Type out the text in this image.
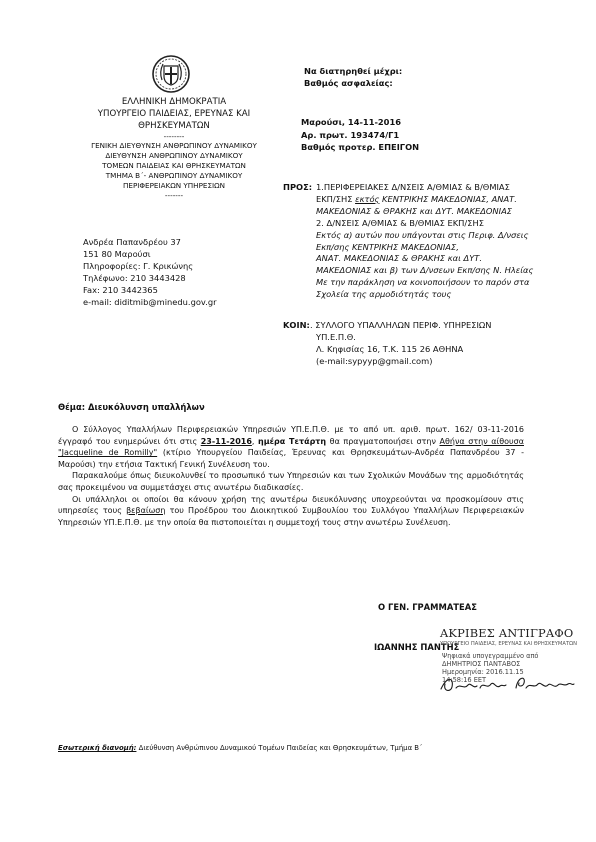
ΕΛΛΗΝΙΚΗ ΔΗΜΟΚΡΑΤΙΑ
ΥΠΟΥΡΓΕΙΟ ΠΑΙΔΕΙΑΣ, ΕΡΕΥΝΑΣ ΚΑΙ
ΘΡΗΣΚΕΥΜΑΤΩΝ
--------
ΓΕΝΙΚΗ ΔΙΕΥΘΥΝΣΗ ΑΝΘΡΩΠΙΝΟΥ ΔΥΝΑΜΙΚΟΥ
ΔΙΕΥΘΥΝΣΗ ΑΝΘΡΩΠΙΝΟΥ ΔΥΝΑΜΙΚΟΥ
ΤΟΜΕΩΝ ΠΑΙΔΕΙΑΣ ΚΑΙ ΘΡΗΣΚΕΥΜΑΤΩΝ
ΤΜΗΜΑ Β΄- ΑΝΘΡΩΠΙΝΟΥ ΔΥΝΑΜΙΚΟΥ
ΠΕΡΙΦΕΡΕΙΑΚΩΝ ΥΠΗΡΕΣΙΩΝ
-------
Ανδρέα Παπανδρέου 37
151 80 Μαρούσι
Πληροφορίες: Γ. Κρικώνης
Τηλέφωνο: 210 3443428
Fax: 210 3442365
e-mail: diditmib@minedu.gov.gr
Να διατηρηθεί μέχρι:
Βαθμός ασφαλείας:
Μαρούσι, 14-11-2016
Αρ. πρωτ. 193474/Γ1
Βαθμός προτερ. ΕΠΕΙΓΟΝ
ΠΡΟΣ: 1.ΠΕΡΙΦΕΡΕΙΑΚΕΣ Δ/ΝΣΕΙΣ Α/ΘΜΙΑΣ & Β/ΘΜΙΑΣ
ΕΚΠ/ΣΗΣ εκτός ΚΕΝΤΡΙΚΗΣ ΜΑΚΕΔΟΝΙΑΣ, ΑΝΑΤ.
ΜΑΚΕΔΟΝΙΑΣ & ΘΡΑΚΗΣ και ΔΥΤ. ΜΑΚΕΔΟΝΙΑΣ
2. Δ/ΝΣΕΙΣ Α/ΘΜΙΑΣ & Β/ΘΜΙΑΣ ΕΚΠ/ΣΗΣ
Εκτός α) αυτών που υπάγονται στις Περιφ. Δ/νσεις
Εκπ/σης ΚΕΝΤΡΙΚΗΣ ΜΑΚΕΔΟΝΙΑΣ,
ΑΝΑΤ. ΜΑΚΕΔΟΝΙΑΣ & ΘΡΑΚΗΣ και ΔΥΤ.
ΜΑΚΕΔΟΝΙΑΣ και β) των Δ/νσεων Εκπ/σης Ν. Ηλείας
Με την παράκληση να κοινοποιήσουν το παρόν στα
Σχολεία της αρμοδιότητάς τους
ΚΟΙΝ: . ΣΥΛΛΟΓΟ ΥΠΑΛΛΗΛΩΝ ΠΕΡΙΦ. ΥΠΗΡΕΣΙΩΝ
ΥΠ.Ε.Π.Θ.
Λ. Κηφισίας 16, Τ.Κ. 115 26 ΑΘΗΝΑ
(e-mail:sypyyp@gmail.com)
Θέμα: Διευκόλυνση υπαλλήλων
Ο Σύλλογος Υπαλλήλων Περιφερειακών Υπηρεσιών ΥΠ.Ε.Π.Θ. με το από υπ. αριθ. πρωτ. 162/ 03-11-2016 έγγραφό του ενημερώνει ότι στις 23-11-2016, ημέρα Τετάρτη θα πραγματοποιήσει στην Αθήνα στην αίθουσα "Jacqueline de Romilly" (κτίριο Υπουργείου Παιδείας, Έρευνας και Θρησκευμάτων-Ανδρέα Παπανδρέου 37 - Μαρούσι) την ετήσια Τακτική Γενική Συνέλευση του.
Παρακαλούμε όπως διευκολυνθεί το προσωπικό των Υπηρεσιών και των Σχολικών Μονάδων της αρμοδιότητάς σας προκειμένου να συμμετάσχει στις ανωτέρω διαδικασίες.
Οι υπάλληλοι οι οποίοι θα κάνουν χρήση της ανωτέρω διευκόλυνσης υποχρεούνται να προσκομίσουν στις υπηρεσίες τους βεβαίωση του Προέδρου του Διοικητικού Συμβουλίου του Συλλόγου Υπαλλήλων Περιφερειακών Υπηρεσιών ΥΠ.Ε.Π.Θ. με την οποία θα πιστοποιείται η συμμετοχή τους στην ανωτέρω Συνέλευση.
Ο ΓΕΝ. ΓΡΑΜΜΑΤΕΑΣ
ΙΩΑΝΝΗΣ ΠΑΝΤΗΣ
ΑΚΡΙΒΕΣ ΑΝΤΙΓΡΑΦΟ
ΥΠΟΥΡΓΕΙΟ ΠΑΙΔΕΙΑΣ, ΕΡΕΥΝΑΣ ΚΑΙ ΘΡΗΣΚΕΥΜΑΤΩΝ
Ψηφιακά υπογεγραμμένο από
ΔΗΜΗΤΡΙΟΣ ΠΑΝΤΑΒΟΣ
Ημερομηνία: 2016.11.15
14:58:16 EET
Εσωτερική διανομή: Διεύθυνση Ανθρώπινου Δυναμικού Τομέων Παιδείας και Θρησκευμάτων, Τμήμα Β΄
